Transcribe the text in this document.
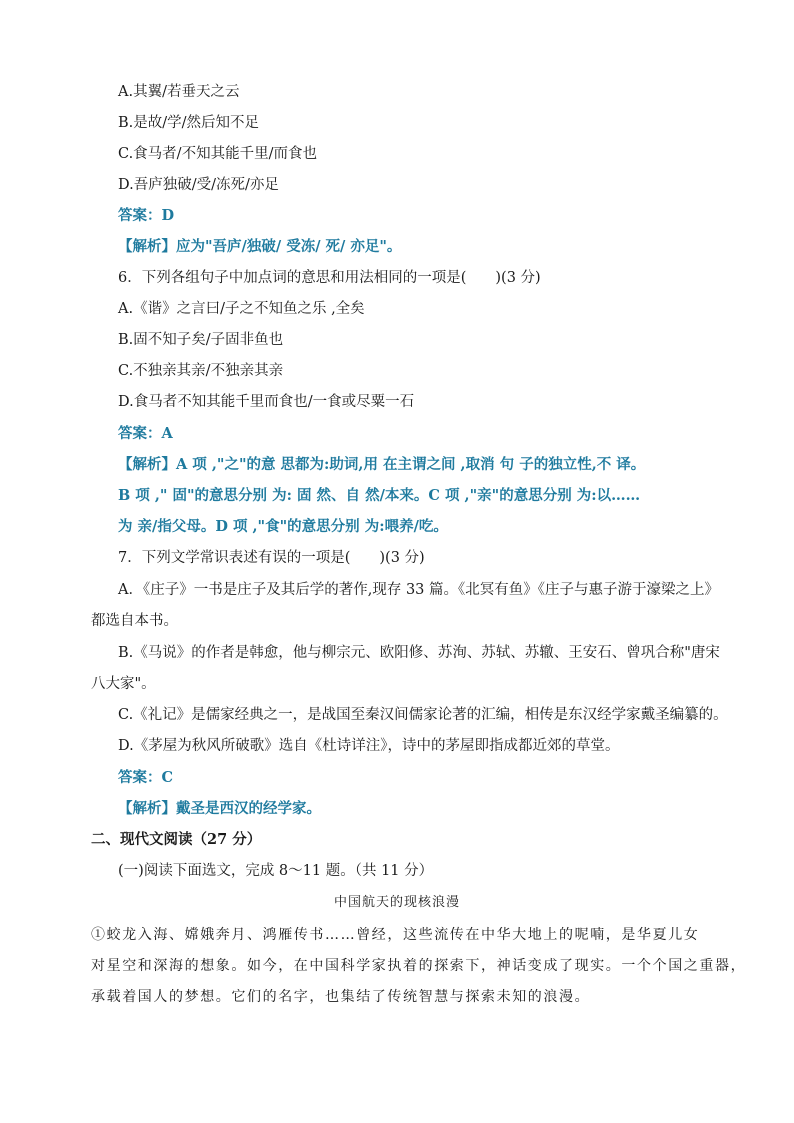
A.其翼/若垂天之云
B.是故/学/然后知不足
C.食马者/不知其能千里/而食也
D.吾庐独破/受/冻死/亦足
答案：D
【解析】应为"吾庐/独破/ 受冻/ 死/ 亦足"。
6．下列各组句子中加点词的意思和用法相同的一项是(　　)(3 分)
A.《谐》之言曰/子之不知鱼之乐 ,全矣
B.固不知子矣/子固非鱼也
C.不独亲其亲/不独亲其亲
D.食马者不知其能千里而食也/一食或尽粟一石
答案：A
【解析】A 项 ,"之"的意 思都为:助词,用 在主谓之间 ,取消 句 子的独立性,不 译。
B 项 ," 固"的意思分别 为: 固 然、自 然/本来。C 项 ,"亲"的意思分别 为:以……
为 亲/指父母。D 项 ,"食"的意思分别 为:喂养/吃。
7．下列文学常识表述有误的一项是(　　)(3 分)
A．《庄子》一书是庄子及其后学的著作,现存 33 篇。《北冥有鱼》《庄子与惠子游于濠梁之上》
都选自本书。
B.《马说》的作者是韩愈，他与柳宗元、欧阳修、苏洵、苏轼、苏辙、王安石、曾巩合称"唐宋
八大家"。
C.《礼记》是儒家经典之一，是战国至秦汉间儒家论著的汇编，相传是东汉经学家戴圣编纂的。
D.《茅屋为秋风所破歌》选自《杜诗详注》，诗中的茅屋即指成都近郊的草堂。
答案：C
【解析】戴圣是西汉的经学家。
二、现代文阅读（27 分）
(一)阅读下面选文，完成 8～11 题。（共 11 分）
中国航天的现核浪漫
①蛟龙入海、嫦娥奔月、鸿雁传书……曾经，这些流传在中华大地上的呢喃，是华夏儿女
对星空和深海的想象。如今，在中国科学家执着的探索下，神话变成了现实。一个个国之重器，
承载着国人的梦想。它们的名字，也集结了传统智慧与探索未知的浪漫。
